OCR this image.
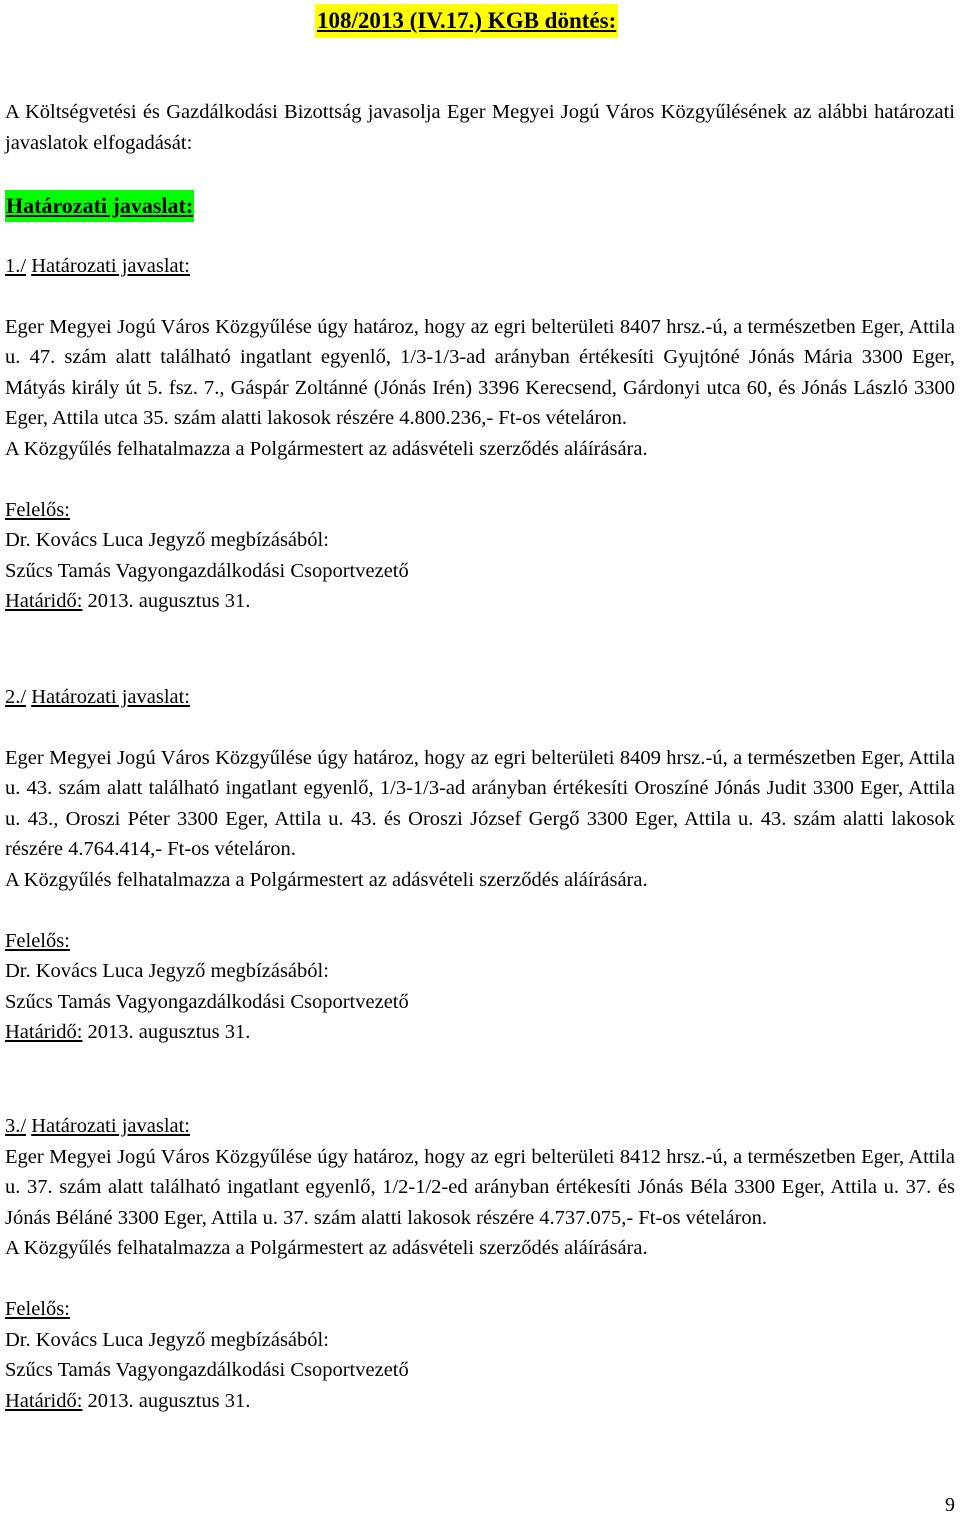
108/2013 (IV.17.) KGB döntés:

A Költségvetési és Gazdálkodási Bizottság javasolja Eger Megyei Jogú Város Közgyűlésének az alábbi határozati javaslatok elfogadását:

Határozati javaslat:

1./ Határozati javaslat:

Eger Megyei Jogú Város Közgyűlése úgy határoz, hogy az egri belterületi 8407 hrsz.-ú, a természetben Eger, Attila u. 47. szám alatt található ingatlant egyenlő, 1/3-1/3-ad arányban értékesíti Gyujtóné Jónás Mária 3300 Eger, Mátyás király út 5. fsz. 7., Gáspár Zoltánné (Jónás Irén) 3396 Kerecsend, Gárdonyi utca 60, és Jónás László 3300 Eger, Attila utca 35. szám alatti lakosok részére 4.800.236,- Ft-os vételáron.

A Közgyűlés felhatalmazza a Polgármestert az adásvételi szerződés aláírására.

Felelős:

Dr. Kovács Luca Jegyző megbízásából:

Szűcs Tamás Vagyongazdálkodási Csoportvezető

Határidő: 2013. augusztus 31.

2./ Határozati javaslat:

Eger Megyei Jogú Város Közgyűlése úgy határoz, hogy az egri belterületi 8409 hrsz.-ú, a természetben Eger, Attila u. 43. szám alatt található ingatlant egyenlő, 1/3-1/3-ad arányban értékesíti Oroszíné Jónás Judit 3300 Eger, Attila u. 43., Oroszi Péter 3300 Eger, Attila u. 43. és Oroszi József Gergő 3300 Eger, Attila u. 43. szám alatti lakosok részére 4.764.414,- Ft-os vételáron.

A Közgyűlés felhatalmazza a Polgármestert az adásvételi szerződés aláírására.

Felelős:

Dr. Kovács Luca Jegyző megbízásából:

Szűcs Tamás Vagyongazdálkodási Csoportvezető

Határidő: 2013. augusztus 31.

3./ Határozati javaslat:

Eger Megyei Jogú Város Közgyűlése úgy határoz, hogy az egri belterületi 8412 hrsz.-ú, a természetben Eger, Attila u. 37. szám alatt található ingatlant egyenlő, 1/2-1/2-ed arányban értékesíti Jónás Béla 3300 Eger, Attila u. 37. és Jónás Béláné 3300 Eger, Attila u. 37. szám alatti lakosok részére 4.737.075,- Ft-os vételáron.

A Közgyűlés felhatalmazza a Polgármestert az adásvételi szerződés aláírására.

Felelős:

Dr. Kovács Luca Jegyző megbízásából:

Szűcs Tamás Vagyongazdálkodási Csoportvezető

Határidő: 2013. augusztus 31.

9
